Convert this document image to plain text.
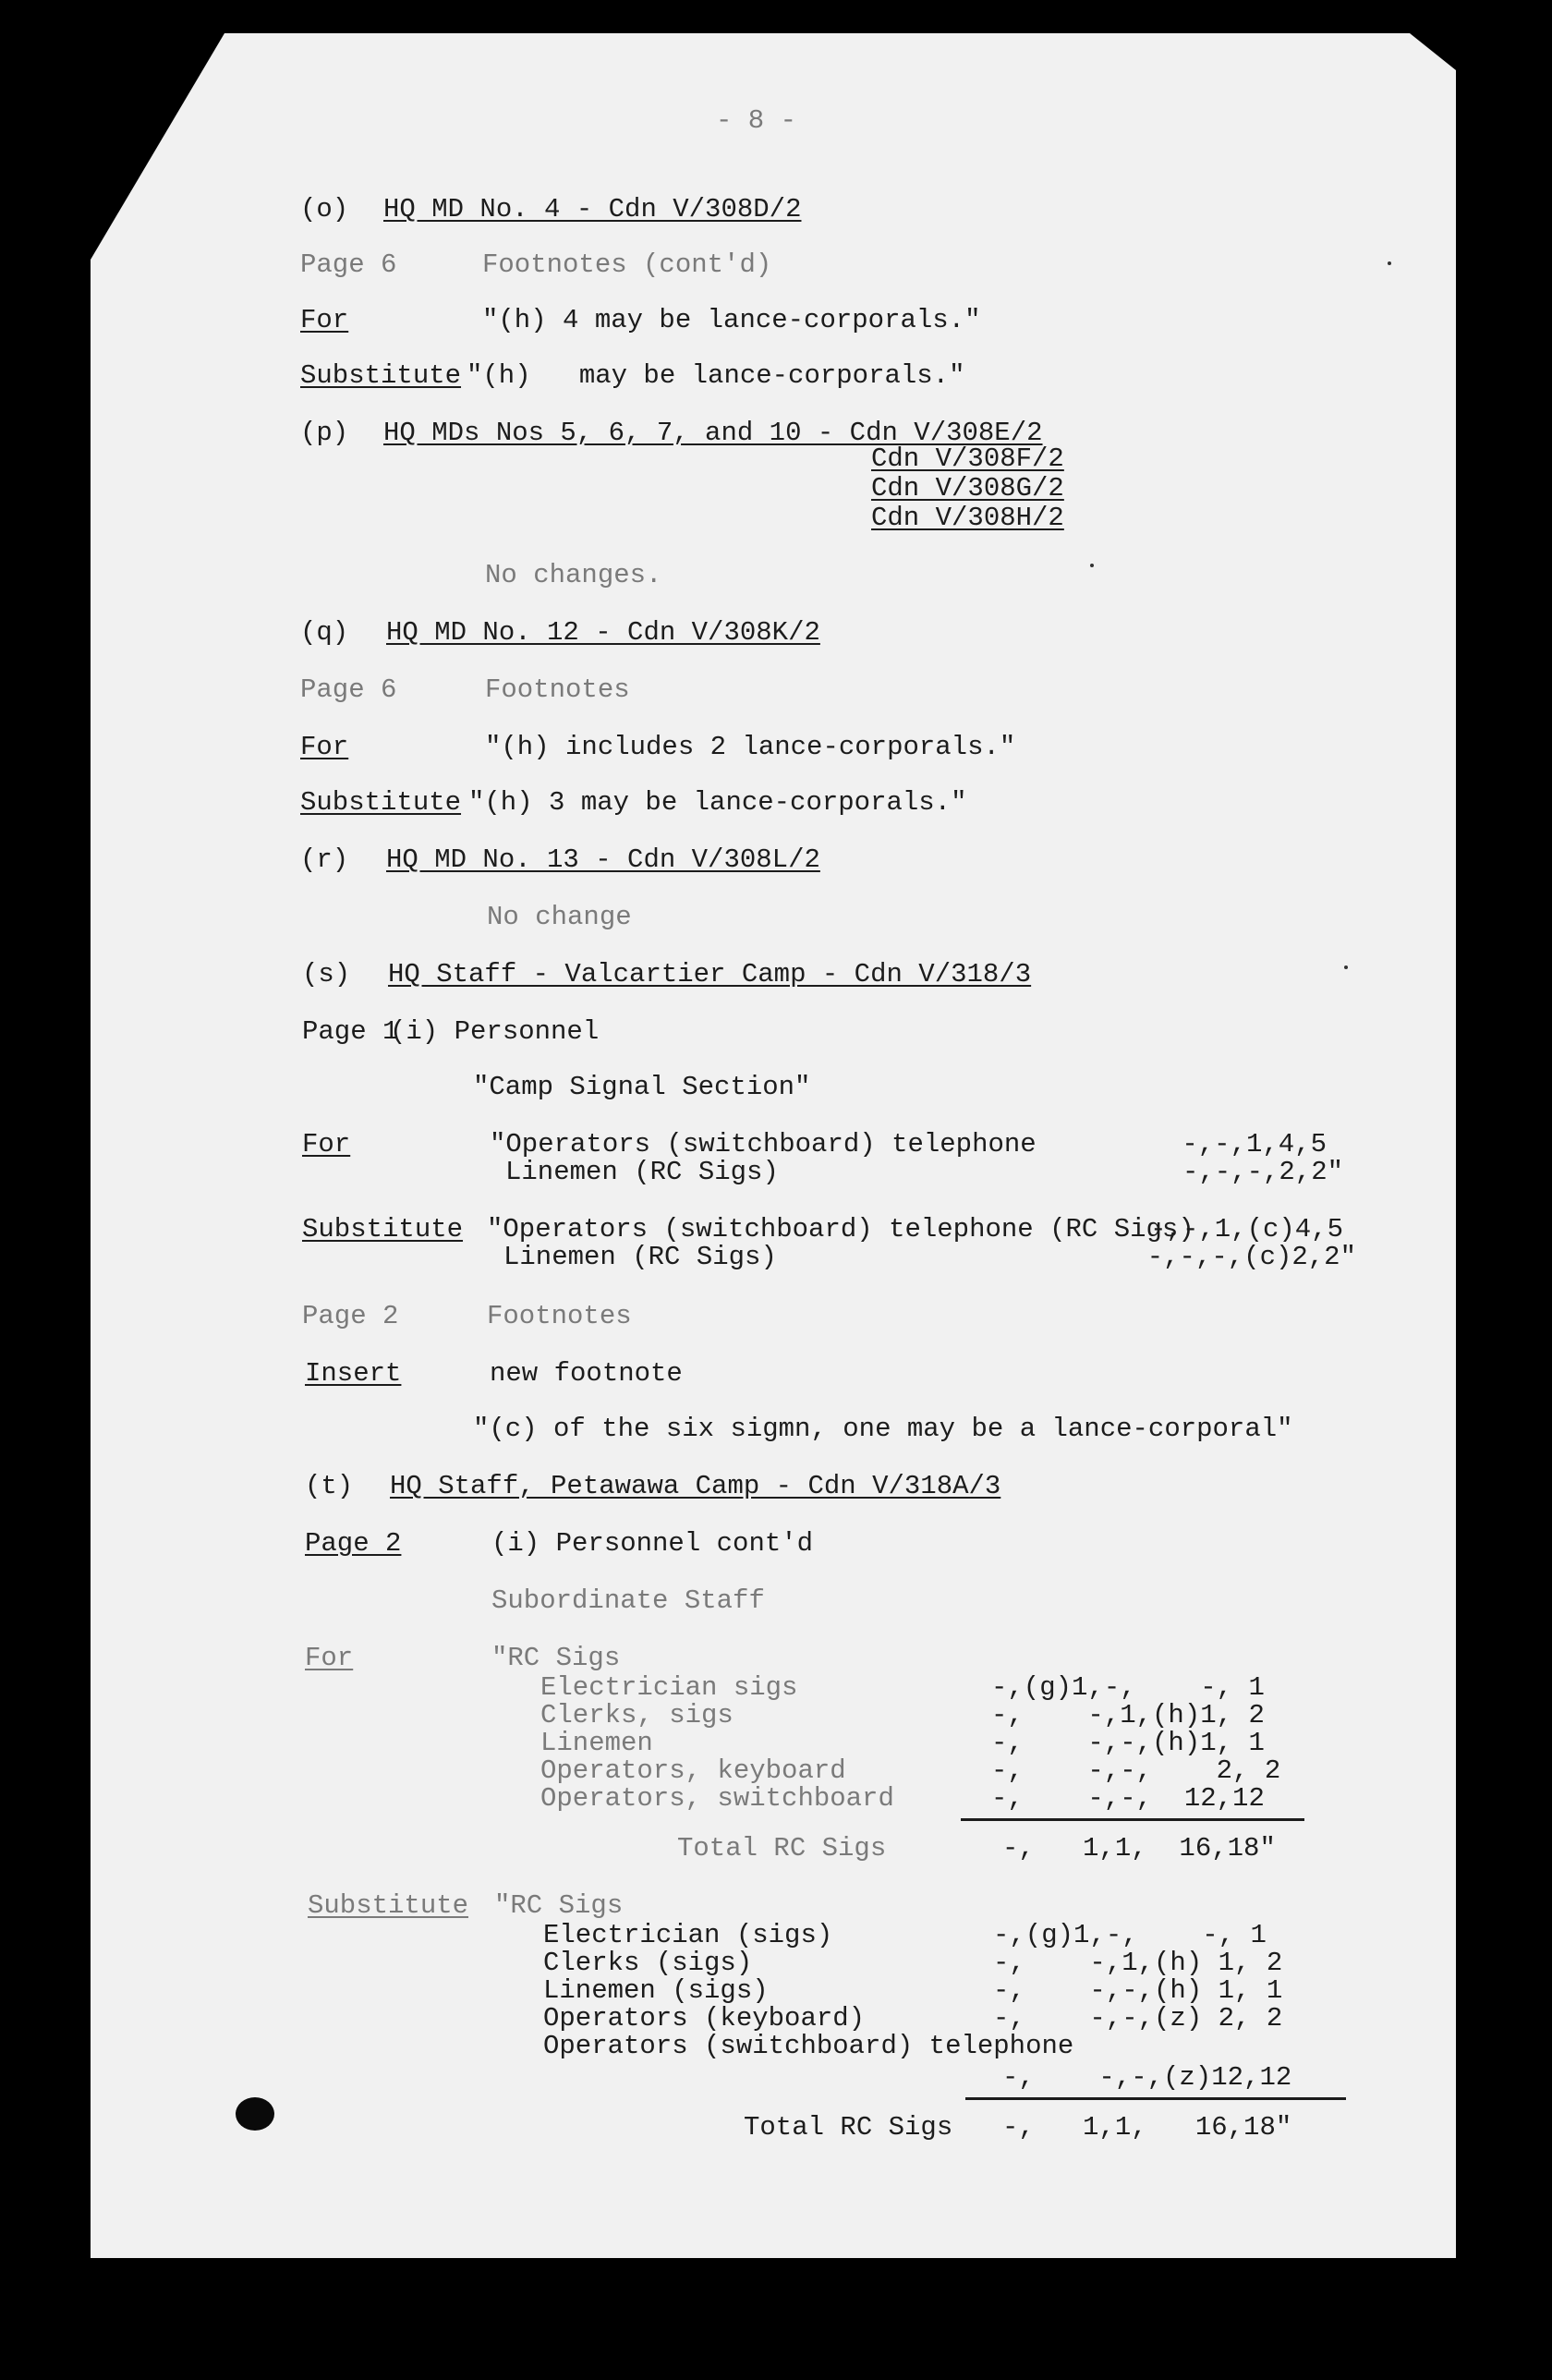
- 8 -
(o) HQ MD No. 4 - Cdn V/308D/2
Page 6	Footnotes (cont'd)
For	"(h) 4 may be lance-corporals."
Substitute "(h)   may be lance-corporals."
(p) HQ MDs Nos 5, 6, 7, and 10 - Cdn V/308E/2
Cdn V/308F/2
Cdn V/308G/2
Cdn V/308H/2
No changes.
(q) HQ MD No. 12 - Cdn V/308K/2
Page 6	Footnotes
For	"(h) includes 2 lance-corporals."
Substitute "(h) 3 may be lance-corporals."
(r) HQ MD No. 13 - Cdn V/308L/2
No change
(s) HQ Staff - Valcartier Camp - Cdn V/318/3
Page 1
(i) Personnel
"Camp Signal Section"
For	"Operators (switchboard) telephone	-,-,1,4,5
Linemen (RC Sigs)	-,-,-,2,2"
Substitute "Operators (switchboard) telephone (RC Sigs)
-,-,1,(c)4,5
Linemen (RC Sigs)	-,-,-,(c)2,2"
Page 2	Footnotes
Insert	new footnote
"(c) of the six sigmn, one may be a lance-corporal"
(t) HQ Staff, Petawawa Camp - Cdn V/318A/3
Page 2	(i) Personnel cont'd
Subordinate Staff
For	"RC Sigs
Electrician sigs	-,(g)1,-,    -, 1
Clerks, sigs	-,    -,1,(h)1, 2
Linemen	-,    -,-,(h)1, 1
Operators, keyboard	-,    -,-,    2, 2
Operators, switchboard	-,    -,-,  12,12
Total RC Sigs	-,   1,1,  16,18"
Substitute "RC Sigs
Electrician (sigs)	-,(g)1,-,    -, 1
Clerks (sigs)	-,    -,1,(h) 1, 2
Linemen (sigs)	-,    -,-,(h) 1, 1
Operators (keyboard)	-,    -,-,(z) 2, 2
Operators (switchboard) telephone
-,    -,-,(z)12,12
Total RC Sigs -,   1,1,   16,18"
